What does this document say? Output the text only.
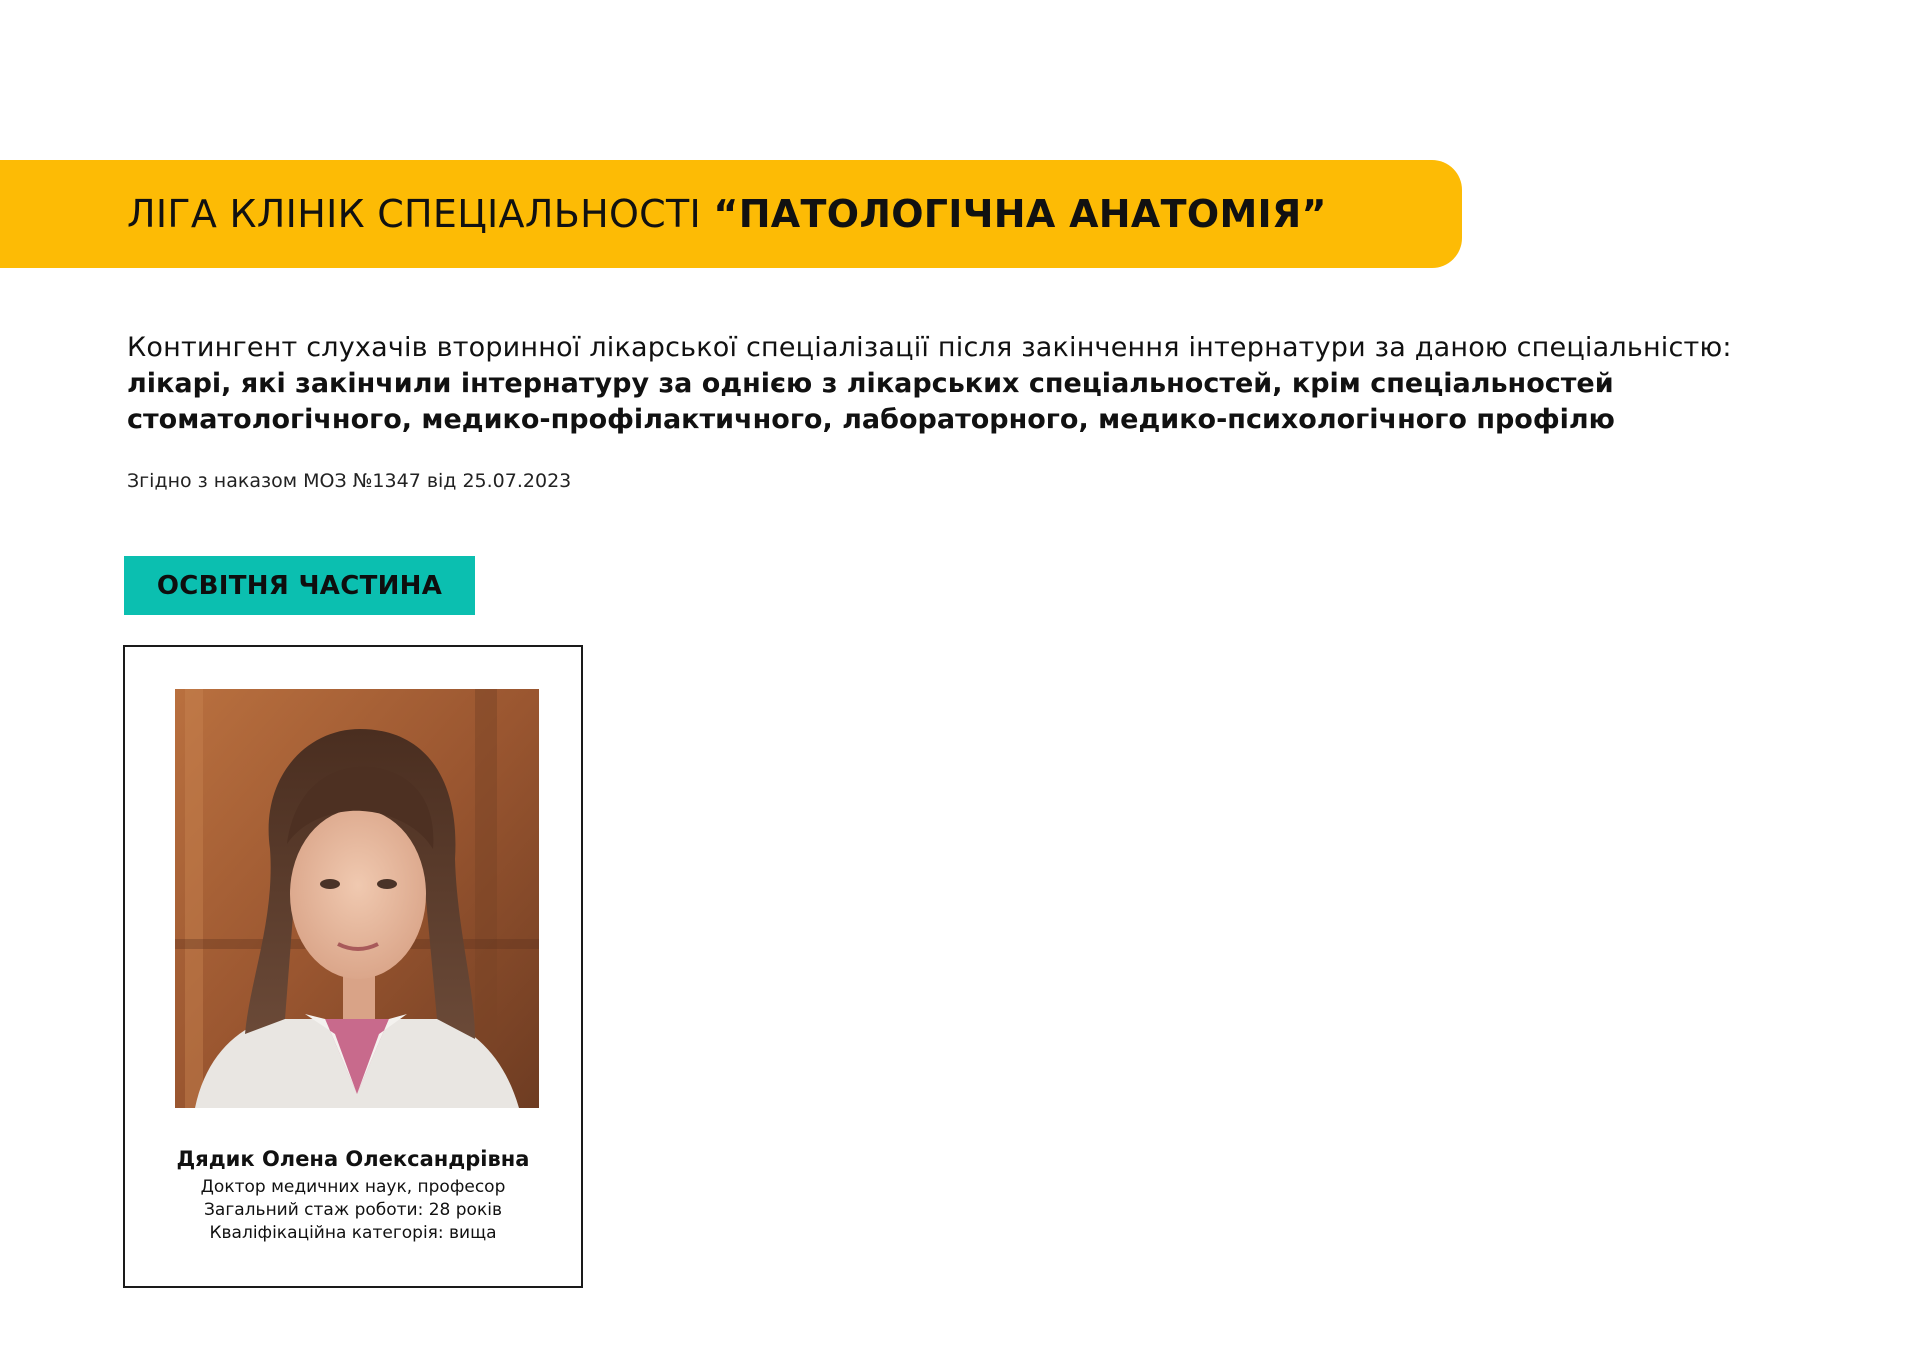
ЛІГА КЛІНІК СПЕЦІАЛЬНОСТІ “ПАТОЛОГІЧНА АНАТОМІЯ”
Контингент слухачів вторинної лікарської спеціалізації після закінчення інтернатури за даною спеціальністю:
лікарі, які закінчили інтернатуру за однією з лікарських спеціальностей, крім спеціальностей стоматологічного, медико-профілактичного, лабораторного, медико-психологічного профілю
Згідно з наказом МОЗ №1347 від 25.07.2023
ОСВІТНЯ ЧАСТИНА
Дядик Олена Олександрівна
Доктор медичних наук, професор
Загальний стаж роботи: 28 років
Кваліфікаційна категорія: вища
